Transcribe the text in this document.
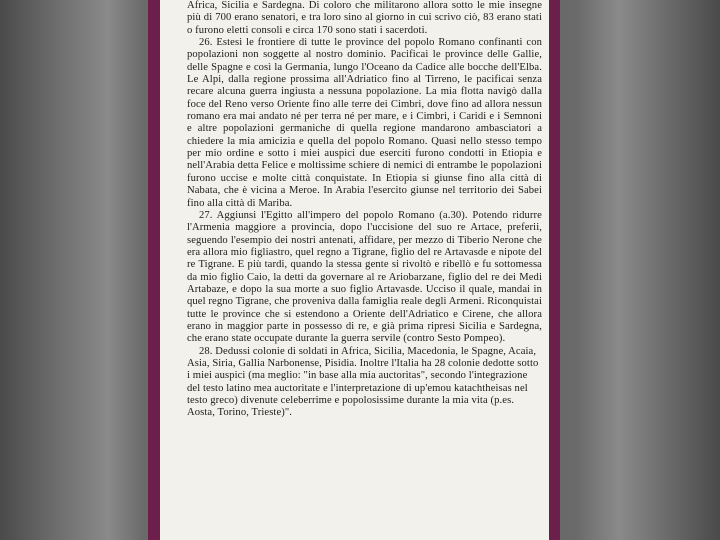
Africa, Sicilia e Sardegna. Di coloro che militarono allora sotto le mie insegne più di 700 erano senatori, e tra loro sino al giorno in cui scrivo ciò, 83 erano stati o furono eletti consoli e circa 170 sono stati i sacerdoti.

26. Estesi le frontiere di tutte le province del popolo Romano confinanti con popolazioni non soggette al nostro dominio. Pacificai le province delle Gallie, delle Spagne e così la Germania, lungo l'Oceano da Cadice alle bocche dell'Elba. Le Alpi, dalla regione prossima all'Adriatico fino al Tirreno, le pacificai senza recare alcuna guerra ingiusta a nessuna popolazione. La mia flotta navigò dalla foce del Reno verso Oriente fino alle terre dei Cimbri, dove fino ad allora nessun romano era mai andato né per terra né per mare, e i Cimbri, i Caridi e i Semnoni e altre popolazioni germaniche di quella regione mandarono ambasciatori a chiedere la mia amicizia e quella del popolo Romano. Quasi nello stesso tempo per mio ordine e sotto i miei auspici due eserciti furono condotti in Etiopia e nell'Arabia detta Felice e moltissime schiere di nemici di entrambe le popolazioni furono uccise e molte città conquistate. In Etiopia si giunse fino alla città di Nabata, che è vicina a Meroe. In Arabia l'esercito giunse nel territorio dei Sabei fino alla città di Mariba.

27. Aggiunsi l'Egitto all'impero del popolo Romano (a.30). Potendo ridurre l'Armenia maggiore a provincia, dopo l'uccisione del suo re Artace, preferii, seguendo l'esempio dei nostri antenati, affidare, per mezzo di Tiberio Nerone che era allora mio figliastro, quel regno a Tigrane, figlio del re Artavasde e nipote del re Tigrane. E più tardi, quando la stessa gente si rivoltò e ribellò e fu sottomessa da mio figlio Caio, la detti da governare al re Ariobarzane, figlio del re dei Medi Artabaze, e dopo la sua morte a suo figlio Artavasde. Ucciso il quale, mandai in quel regno Tigrane, che proveniva dalla famiglia reale degli Armeni. Riconquistai tutte le province che si estendono a Oriente dell'Adriatico e Cirene, che allora erano in maggior parte in possesso di re, e già prima ripresi Sicilia e Sardegna, che erano state occupate durante la guerra servile (contro Sesto Pompeo).

28. Dedussi colonie di soldati in Africa, Sicilia, Macedonia, le Spagne, Acaia, Asia, Siria, Gallia Narbonense, Pisidia. Inoltre l'Italia ha 28 colonie dedotte sotto i miei auspici (ma meglio: "in base alla mia auctoritas", secondo l'integrazione del testo latino mea auctoritate e l'interpretazione di up'emou katachtheisas nel testo greco) divenute celeberrime e popolosissime durante la mia vita (p.es. Aosta, Torino, Trieste)".
